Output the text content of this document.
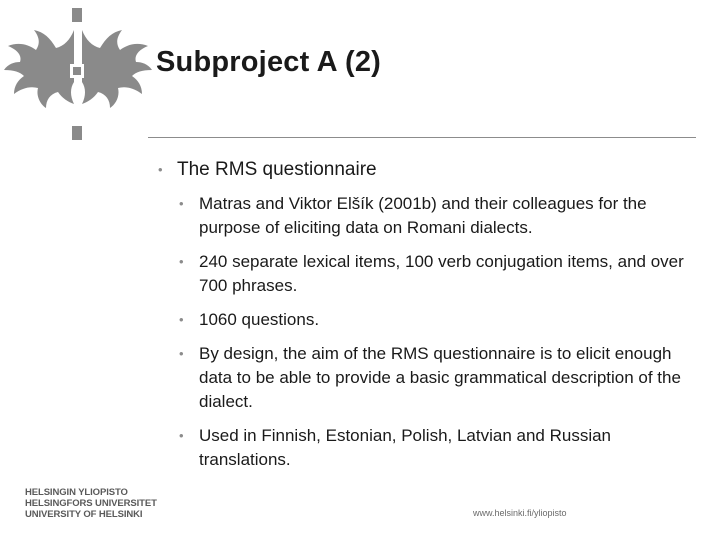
Subproject A (2)
• The RMS questionnaire
• Matras and Viktor Elšík (2001b) and their colleagues for the purpose of eliciting data on Romani dialects.
• 240 separate lexical items, 100 verb conjugation items, and over 700 phrases.
• 1060 questions.
• By design, the aim of the RMS questionnaire is to elicit enough data to be able to provide a basic grammatical description of the dialect.
• Used in Finnish, Estonian, Polish, Latvian and Russian translations.
HELSINGIN YLIOPISTO
HELSINGFORS UNIVERSITET
UNIVERSITY OF HELSINKI	www.helsinki.fi/yliopisto
